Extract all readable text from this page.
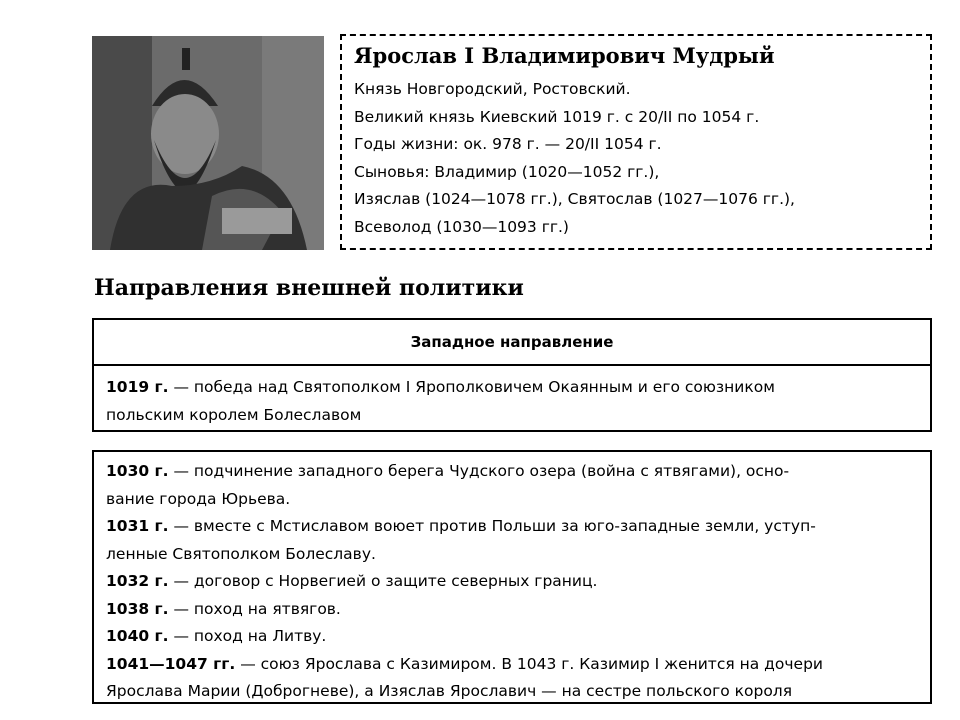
Ярослав I Владимирович Мудрый
Князь Новгородский, Ростовский.
Великий князь Киевский 1019 г. с 20/II по 1054 г.
Годы жизни: ок. 978 г. — 20/II 1054 г.
Сыновья: Владимир (1020—1052 гг.),
Изяслав (1024—1078 гг.), Святослав (1027—1076 гг.),
Всеволод (1030—1093 гг.)
Направления внешней политики
Западное направление
1019 г. — победа над Святополком I Ярополковичем Окаянным и его союзником
польским королем Болеславом
1030 г. — подчинение западного берега Чудского озера (война с ятвягами), осно-
вание города Юрьева.
1031 г. — вместе с Мстиславом воюет против Польши за юго-западные земли, уступ-
ленные Святополком Болеславу.
1032 г. — договор с Норвегией о защите северных границ.
1038 г. — поход на ятвягов.
1040 г. — поход на Литву.
1041—1047 гг. — союз Ярослава с Казимиром. В 1043 г. Казимир I женится на дочери
Ярослава Марии (Доброгневе), а Изяслав Ярославич — на сестре польского короля
